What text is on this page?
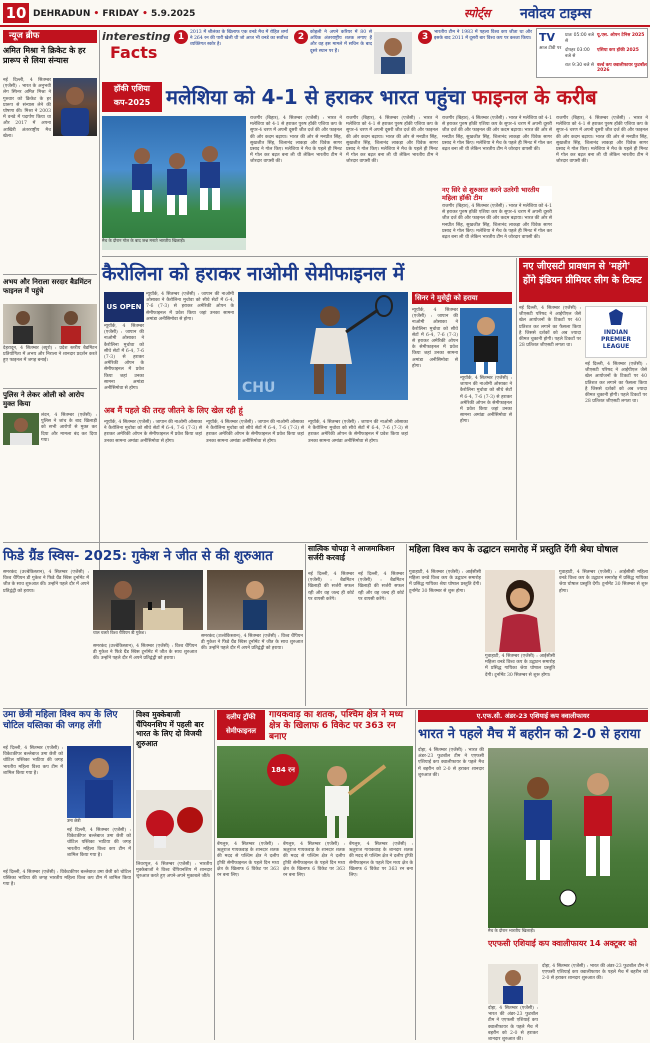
10 DEHRADUN • FRIDAY • 5.9.2025	स्पोर्ट्स	नवोदय टाइम्स
न्यूज ब्रीफ
अमित मिश्रा ने क्रिकेट के हर प्रारूप से लिया संन्यास
नई दिल्ली, 4 सितम्बर (एजेंसी) : भारत के अनुभवी लेग स्पिनर अमित मिश्रा ने गुरुवार को क्रिकेट के हर प्रारूप से संन्यास लेने की घोषणा की। मिश्रा ने 2003 में वनडे में पदार्पण किया था और 2017 में अपना आखिरी अंतरराष्ट्रीय मैच खेला।
अभय और निराला सरदार बैडमिंटन फाइनल में पहुंचे
देहरादून, 4 सितम्बर (ब्यूरो) : प्रदेश स्तरीय बैडमिंटन प्रतियोगिता में अभय और निराला ने शानदार प्रदर्शन करते हुए फाइनल में जगह बनाई।
पुलिस ने लेकर ओली को आरोप मुक्त किया
लंदन, 4 सितम्बर (एजेंसी) : पुलिस ने जांच के बाद खिलाड़ी को सभी आरोपों से मुक्त कर दिया और मामला बंद कर दिया गया।
interesting
Facts
1	2013 में श्रीलंका के खिलाफ एक वनडे मैच में रोहित शर्मा ने 264 रन की पारी खेली थी जो आज भी वनडे का सर्वोच्च व्यक्तिगत स्कोर है।
2	कोहली ने अपने करियर में 80 से अधिक अंतरराष्ट्रीय शतक लगाए हैं और वह इस मामले में सचिन के बाद दूसरे स्थान पर हैं।
3	भारतीय टीम ने 1983 में पहला विश्व कप जीता था और इसके बाद 2011 में दूसरी बार विश्व कप पर कब्जा किया। TV
आज टीवी पर
प्रातः 05:00 बजे से
यू.एस. ओपन टेनिस 2025
दोपहर 03:00 बजे से
एशिया कप हॉकी 2025
रात 9:30 बजे से वर्ल्ड कप क्वालीफायर फुटबॉल 2026
हॉकी एशिया
कप-2025 मलेशिया को 4-1 से हराकर भारत पहुंचा फाइनल के करीब
मैच के दौरान गोल के बाद जश्न मनाते भारतीय खिलाड़ी।
राजगीर (बिहार), 4 सितम्बर (एजेंसी) : भारत ने मलेशिया को 4-1 से हराकर पुरुष हॉकी एशिया कप के सुपर-4 चरण में अपनी दूसरी जीत दर्ज की और फाइनल की ओर कदम बढ़ाया। भारत की ओर से मनप्रीत सिंह, सुखजीत सिंह, शिलानंद लाकड़ा और विवेक सागर प्रसाद ने गोल किए। मलेशिया ने मैच के पहले ही मिनट में गोल कर बढ़त बना ली थी लेकिन भारतीय टीम ने जोरदार वापसी की।
राजगीर (बिहार), 4 सितम्बर (एजेंसी) : भारत ने मलेशिया को 4-1 से हराकर पुरुष हॉकी एशिया कप के सुपर-4 चरण में अपनी दूसरी जीत दर्ज की और फाइनल की ओर कदम बढ़ाया। भारत की ओर से मनप्रीत सिंह, सुखजीत सिंह, शिलानंद लाकड़ा और विवेक सागर प्रसाद ने गोल किए। मलेशिया ने मैच के पहले ही मिनट में गोल कर बढ़त बना ली थी लेकिन भारतीय टीम ने जोरदार वापसी की।
नए सिरे से शुरुआत करने उतरेगी भारतीय महिला हॉकी टीम
राजगीर (बिहार), 4 सितम्बर (एजेंसी) : भारत ने मलेशिया को 4-1 से हराकर पुरुष हॉकी एशिया कप के सुपर-4 चरण में अपनी दूसरी जीत दर्ज की और फाइनल की ओर कदम बढ़ाया। भारत की ओर से मनप्रीत सिंह, सुखजीत सिंह, शिलानंद लाकड़ा और विवेक सागर प्रसाद ने गोल किए। मलेशिया ने मैच के पहले ही मिनट में गोल कर बढ़त बना ली थी लेकिन भारतीय टीम ने जोरदार वापसी की।
राजगीर (बिहार), 4 सितम्बर (एजेंसी) : भारत ने मलेशिया को 4-1 से हराकर पुरुष हॉकी एशिया कप के सुपर-4 चरण में अपनी दूसरी जीत दर्ज की और फाइनल की ओर कदम बढ़ाया। भारत की ओर से मनप्रीत सिंह, सुखजीत सिंह, शिलानंद लाकड़ा और विवेक सागर प्रसाद ने गोल किए। मलेशिया ने मैच के पहले ही मिनट में गोल कर बढ़त बना ली थी लेकिन भारतीय टीम ने जोरदार वापसी की।
राजगीर (बिहार), 4 सितम्बर (एजेंसी) : भारत ने मलेशिया को 4-1 से हराकर पुरुष हॉकी एशिया कप के सुपर-4 चरण में अपनी दूसरी जीत दर्ज की और फाइनल की ओर कदम बढ़ाया। भारत की ओर से मनप्रीत सिंह, सुखजीत सिंह, शिलानंद लाकड़ा और विवेक सागर प्रसाद ने गोल किए। मलेशिया ने मैच के पहले ही मिनट में गोल कर बढ़त बना ली थी लेकिन भारतीय टीम ने जोरदार वापसी की।
कैरोलिना को हराकर नाओमी सेमीफाइनल में
US OPEN
न्यूयॉर्क, 4 सितम्बर (एजेंसी) : जापान की नाओमी ओसाका ने कैरोलिना मुचोवा को सीधे सेटों में 6-4, 7-6 (7-3) से हराकर अमेरिकी ओपन के सेमीफाइनल में प्रवेश किया जहां उनका सामना अमांडा अनीसिमोवा से होगा।
न्यूयॉर्क, 4 सितम्बर (एजेंसी) : जापान की नाओमी ओसाका ने कैरोलिना मुचोवा को सीधे सेटों में 6-4, 7-6 (7-3) से हराकर अमेरिकी ओपन के सेमीफाइनल में प्रवेश किया जहां उनका सामना अमांडा अनीसिमोवा से होगा।	CHU
सिनर ने मुसेट्टी को हराया
न्यूयॉर्क, 4 सितम्बर (एजेंसी) : जापान की नाओमी ओसाका ने कैरोलिना मुचोवा को सीधे सेटों में 6-4, 7-6 (7-3) से हराकर अमेरिकी ओपन के सेमीफाइनल में प्रवेश किया जहां उनका सामना अमांडा अनीसिमोवा से होगा।
न्यूयॉर्क, 4 सितम्बर (एजेंसी) : जापान की नाओमी ओसाका ने कैरोलिना मुचोवा को सीधे सेटों में 6-4, 7-6 (7-3) से हराकर अमेरिकी ओपन के सेमीफाइनल में प्रवेश किया जहां उनका सामना अमांडा अनीसिमोवा से होगा।
अब मैं पहले की तरह जीतने के लिए खेल रही हूं
न्यूयॉर्क, 4 सितम्बर (एजेंसी) : जापान की नाओमी ओसाका ने कैरोलिना मुचोवा को सीधे सेटों में 6-4, 7-6 (7-3) से हराकर अमेरिकी ओपन के सेमीफाइनल में प्रवेश किया जहां उनका सामना अमांडा अनीसिमोवा से होगा।
न्यूयॉर्क, 4 सितम्बर (एजेंसी) : जापान की नाओमी ओसाका ने कैरोलिना मुचोवा को सीधे सेटों में 6-4, 7-6 (7-3) से हराकर अमेरिकी ओपन के सेमीफाइनल में प्रवेश किया जहां उनका सामना अमांडा अनीसिमोवा से होगा।
न्यूयॉर्क, 4 सितम्बर (एजेंसी) : जापान की नाओमी ओसाका ने कैरोलिना मुचोवा को सीधे सेटों में 6-4, 7-6 (7-3) से हराकर अमेरिकी ओपन के सेमीफाइनल में प्रवेश किया जहां उनका सामना अमांडा अनीसिमोवा से होगा।
नए जीएसटी प्रावधान से 'महंगे' होंगे इंडियन प्रीमियर लीग के टिकट
INDIAN
PREMIER
LEAGUE
नई दिल्ली, 4 सितम्बर (एजेंसी) : जीएसटी परिषद ने आईपीएल जैसे खेल आयोजनों के टिकटों पर 40 प्रतिशत कर लगाने का फैसला किया है जिससे दर्शकों को अब ज्यादा कीमत चुकानी होगी। पहले टिकटों पर 28 प्रतिशत जीएसटी लगता था।
नई दिल्ली, 4 सितम्बर (एजेंसी) : जीएसटी परिषद ने आईपीएल जैसे खेल आयोजनों के टिकटों पर 40 प्रतिशत कर लगाने का फैसला किया है जिससे दर्शकों को अब ज्यादा कीमत चुकानी होगी। पहले टिकटों पर 28 प्रतिशत जीएसटी लगता था।
फिडे ग्रैंड स्विस- 2025: गुकेश ने जीत से की शुरुआत
समरकंद (उज्बेकिस्तान), 4 सितम्बर (एजेंसी) : विश्व चैंपियन डी गुकेश ने फिडे ग्रैंड स्विस टूर्नामेंट में जीत के साथ शुरुआत की। उन्होंने पहले दौर में अपने प्रतिद्वंद्वी को हराया।
चाल चलते विश्व चैंपियन डी गुकेश।
समरकंद (उज्बेकिस्तान), 4 सितम्बर (एजेंसी) : विश्व चैंपियन डी गुकेश ने फिडे ग्रैंड स्विस टूर्नामेंट में जीत के साथ शुरुआत की। उन्होंने पहले दौर में अपने प्रतिद्वंद्वी को हराया।
समरकंद (उज्बेकिस्तान), 4 सितम्बर (एजेंसी) : विश्व चैंपियन डी गुकेश ने फिडे ग्रैंड स्विस टूर्नामेंट में जीत के साथ शुरुआत की। उन्होंने पहले दौर में अपने प्रतिद्वंद्वी को हराया।
सात्विक चोपड़ा ने आजमाकिशन सर्जरी करवाई
नई दिल्ली, 4 सितम्बर (एजेंसी) : बैडमिंटन खिलाड़ी की सर्जरी सफल रही और वह जल्द ही कोर्ट पर वापसी करेंगे।
नई दिल्ली, 4 सितम्बर (एजेंसी) : बैडमिंटन खिलाड़ी की सर्जरी सफल रही और वह जल्द ही कोर्ट पर वापसी करेंगे।
महिला विश्व कप के उद्घाटन समारोह में प्रस्तुति देंगी श्रेया घोषाल
गुवाहाटी, 4 सितम्बर (एजेंसी) : आईसीसी महिला वनडे विश्व कप के उद्घाटन समारोह में प्रसिद्ध गायिका श्रेया घोषाल प्रस्तुति देंगी। टूर्नामेंट 30 सितम्बर से शुरू होगा।
गुवाहाटी, 4 सितम्बर (एजेंसी) : आईसीसी महिला वनडे विश्व कप के उद्घाटन समारोह में प्रसिद्ध गायिका श्रेया घोषाल प्रस्तुति देंगी। टूर्नामेंट 30 सितम्बर से शुरू होगा।
गुवाहाटी, 4 सितम्बर (एजेंसी) : आईसीसी महिला वनडे विश्व कप के उद्घाटन समारोह में प्रसिद्ध गायिका श्रेया घोषाल प्रस्तुति देंगी। टूर्नामेंट 30 सितम्बर से शुरू होगा।
उमा छेत्री महिला विश्व कप के लिए चोटिल यस्तिका की जगह लेंगी
नई दिल्ली, 4 सितम्बर (एजेंसी) : विकेटकीपर बल्लेबाज उमा छेत्री को चोटिल यस्तिका भाटिया की जगह भारतीय महिला विश्व कप टीम में शामिल किया गया है।
उमा छेत्री
नई दिल्ली, 4 सितम्बर (एजेंसी) : विकेटकीपर बल्लेबाज उमा छेत्री को चोटिल यस्तिका भाटिया की जगह भारतीय महिला विश्व कप टीम में शामिल किया गया है।
नई दिल्ली, 4 सितम्बर (एजेंसी) : विकेटकीपर बल्लेबाज उमा छेत्री को चोटिल यस्तिका भाटिया की जगह भारतीय महिला विश्व कप टीम में शामिल किया गया है।
विश्व मुक्केबाजी चैंपियनशिप में पहली बार भारत के लिए दो विजयी शुरुआत
लिवरपूल, 4 सितम्बर (एजेंसी) : भारतीय मुक्केबाजों ने विश्व चैंपियनशिप में शानदार शुरुआत करते हुए अपने-अपने मुकाबले जीते।
दलीप ट्रॉफी
सेमीफाइनल
गायकवाड़ का शतक, पश्चिम क्षेत्र ने मध्य क्षेत्र के खिलाफ 6 विकेट पर 363 रन बनाए
184 रन
बेंगलुरु, 4 सितम्बर (एजेंसी) : ऋतुराज गायकवाड़ के शानदार शतक की मदद से पश्चिम क्षेत्र ने दलीप ट्रॉफी सेमीफाइनल के पहले दिन मध्य क्षेत्र के खिलाफ 6 विकेट पर 363 रन बना लिए।
बेंगलुरु, 4 सितम्बर (एजेंसी) : ऋतुराज गायकवाड़ के शानदार शतक की मदद से पश्चिम क्षेत्र ने दलीप ट्रॉफी सेमीफाइनल के पहले दिन मध्य क्षेत्र के खिलाफ 6 विकेट पर 363 रन बना लिए।
बेंगलुरु, 4 सितम्बर (एजेंसी) : ऋतुराज गायकवाड़ के शानदार शतक की मदद से पश्चिम क्षेत्र ने दलीप ट्रॉफी सेमीफाइनल के पहले दिन मध्य क्षेत्र के खिलाफ 6 विकेट पर 363 रन बना लिए।
ए.एफ.सी. अंडर-23 एशियाई कप क्वालीफायर
भारत ने पहले मैच में बहरीन को 2-0 से हराया
दोहा, 4 सितम्बर (एजेंसी) : भारत की अंडर-23 फुटबॉल टीम ने एएफसी एशियाई कप क्वालीफायर के पहले मैच में बहरीन को 2-0 से हराकर शानदार शुरुआत की।
मैच के दौरान भारतीय खिलाड़ी।
एएफसी एशियाई कप क्वालीफायर 14 अक्टूबर को
दोहा, 4 सितम्बर (एजेंसी) : भारत की अंडर-23 फुटबॉल टीम ने एएफसी एशियाई कप क्वालीफायर के पहले मैच में बहरीन को 2-0 से हराकर शानदार शुरुआत की।
दोहा, 4 सितम्बर (एजेंसी) : भारत की अंडर-23 फुटबॉल टीम ने एएफसी एशियाई कप क्वालीफायर के पहले मैच में बहरीन को 2-0 से हराकर शानदार शुरुआत की।
